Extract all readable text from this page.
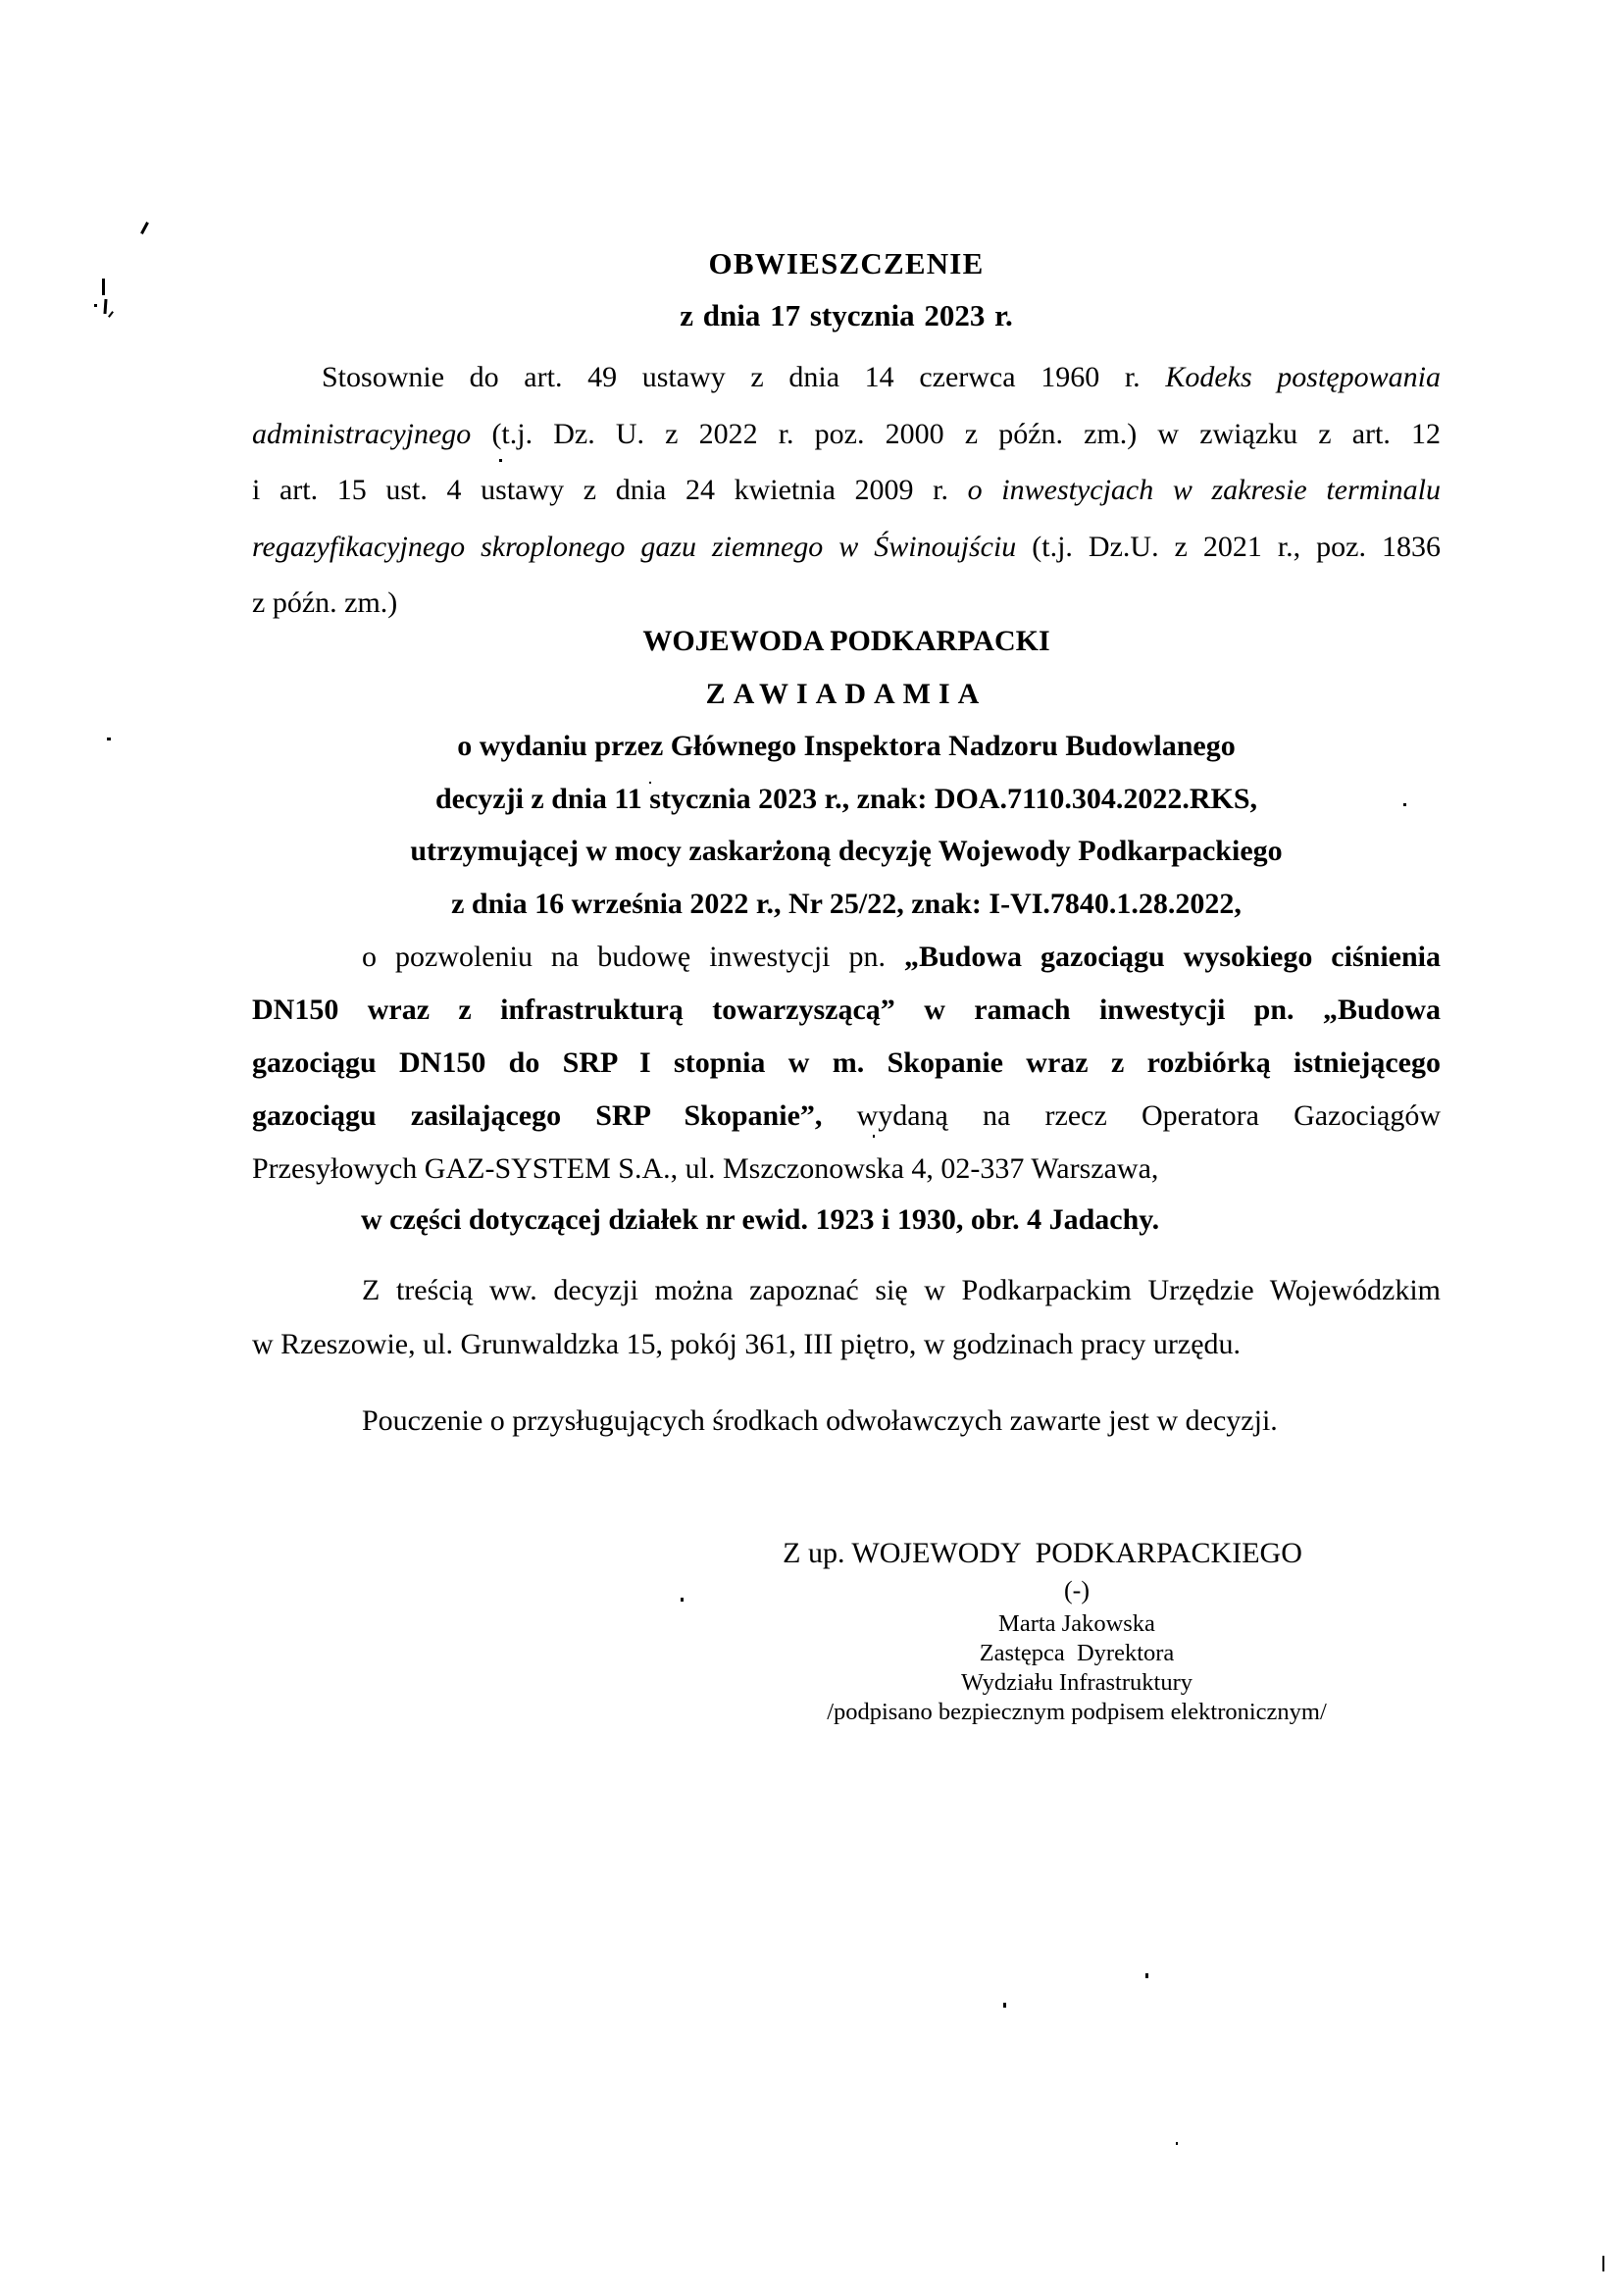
OBWIESZCZENIE
z dnia 17 stycznia 2023 r.
Stosownie do art. 49 ustawy z dnia 14 czerwca 1960 r. Kodeks postępowania
administracyjnego (t.j. Dz. U. z 2022 r. poz. 2000 z późn. zm.) w związku z art. 12
i art. 15 ust. 4 ustawy z dnia 24 kwietnia 2009 r. o inwestycjach w zakresie terminalu
regazyfikacyjnego skroplonego gazu ziemnego w Świnoujściu (t.j. Dz.U. z 2021 r., poz. 1836
z późn. zm.)
WOJEWODA PODKARPACKI
ZAWIADAMIA
o wydaniu przez Głównego Inspektora Nadzoru Budowlanego
decyzji z dnia 11 stycznia 2023 r., znak: DOA.7110.304.2022.RKS,
utrzymującej w mocy zaskarżoną decyzję Wojewody Podkarpackiego
z dnia 16 września 2022 r., Nr 25/22, znak: I-VI.7840.1.28.2022,
o pozwoleniu na budowę inwestycji pn. „Budowa gazociągu wysokiego ciśnienia
DN150 wraz z infrastrukturą towarzyszącą” w ramach inwestycji pn. „Budowa
gazociągu DN150 do SRP I stopnia w m. Skopanie wraz z rozbiórką istniejącego
gazociągu zasilającego SRP Skopanie”, wydaną na rzecz Operatora Gazociągów
Przesyłowych GAZ-SYSTEM S.A., ul. Mszczonowska 4, 02-337 Warszawa,
w części dotyczącej działek nr ewid. 1923 i 1930, obr. 4 Jadachy.
Z treścią ww. decyzji można zapoznać się w Podkarpackim Urzędzie Wojewódzkim
w Rzeszowie, ul. Grunwaldzka 15, pokój 361, III piętro, w godzinach pracy urzędu.
Pouczenie o przysługujących środkach odwoławczych zawarte jest w decyzji.
Z up. WOJEWODY  PODKARPACKIEGO
(-)
Marta Jakowska
Zastępca  Dyrektora
Wydziału Infrastruktury
/podpisano bezpiecznym podpisem elektronicznym/
